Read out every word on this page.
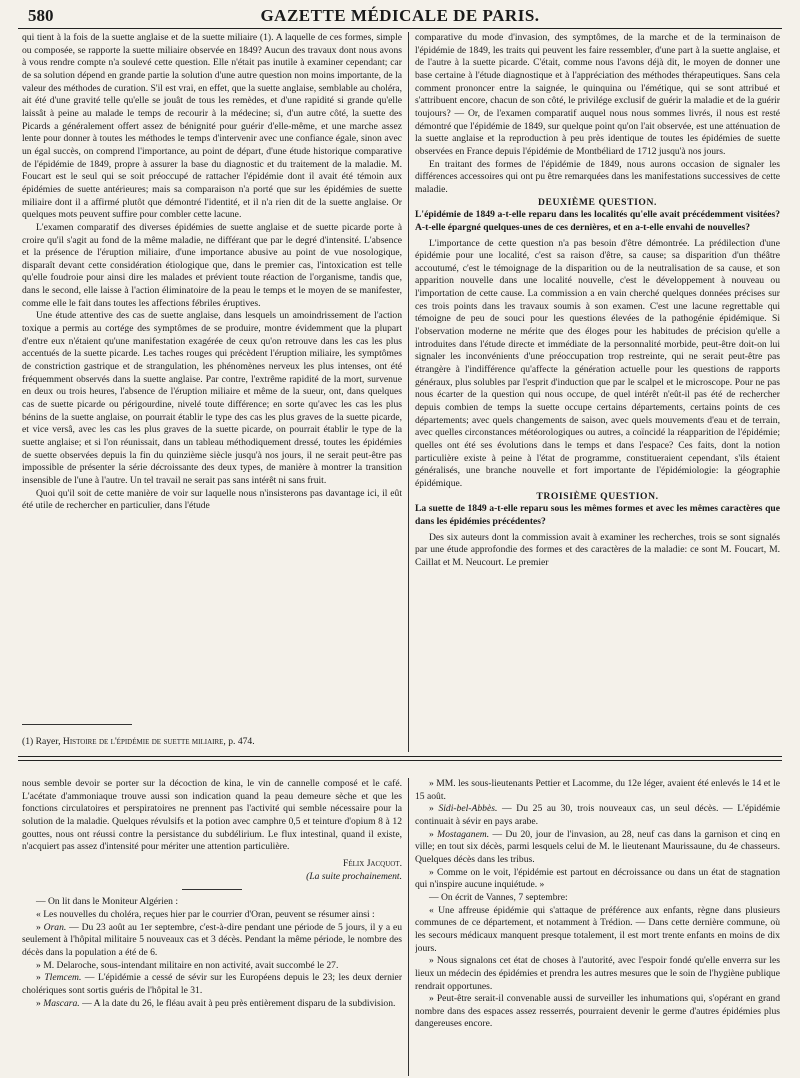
580	GAZETTE MÉDICALE DE PARIS.

qui tient à la fois de la suette anglaise et de la suette miliaire (1). A laquelle de ces formes, simple ou composée, se rapporte la suette miliaire observée en 1849? Aucun des travaux dont nous avons à vous rendre compte n'a soulevé cette question. Elle n'était pas inutile à examiner cependant; car de sa solution dépend en grande partie la solution d'une autre question non moins importante, de la valeur des méthodes de curation. S'il est vrai, en effet, que la suette anglaise, semblable au choléra, ait été d'une gravité telle qu'elle se jouât de tous les remèdes, et d'une rapidité si grande qu'elle laissât à peine au malade le temps de recourir à la médecine; si, d'un autre côté, la suette des Picards a généralement offert assez de bénignité pour guérir d'elle-même, et une marche assez lente pour donner à toutes les méthodes le temps d'intervenir avec une confiance égale, sinon avec un égal succès, on comprend l'importance, au point de départ, d'une étude historique comparative de l'épidémie de 1849, propre à assurer la base du diagnostic et du traitement de la maladie. M. Foucart est le seul qui se soit préoccupé de rattacher l'épidémie dont il avait été témoin aux épidémies de suette antérieures; mais sa comparaison n'a porté que sur les épidémies de suette miliaire dont il a affirmé plutôt que démontré l'identité, et il n'a rien dit de la suette anglaise. Or quelques mots peuvent suffire pour combler cette lacune.

L'examen comparatif des diverses épidémies de suette anglaise et de suette picarde porte à croire qu'il s'agit au fond de la même maladie, ne différant que par le degré d'intensité. L'absence et la présence de l'éruption miliaire, d'une importance abusive au point de vue nosologique, disparaît devant cette considération étiologique que, dans le premier cas, l'intoxication est telle qu'elle foudroie pour ainsi dire les malades et prévient toute réaction de l'organisme, tandis que, dans le second, elle laisse à l'action éliminatoire de la peau le temps et le moyen de se manifester, comme elle le fait dans toutes les affections fébriles éruptives.

Une étude attentive des cas de suette anglaise, dans lesquels un amoindrissement de l'action toxique a permis au cortége des symptômes de se produire, montre évidemment que la plupart d'entre eux n'étaient qu'une manifestation exagérée de ceux qu'on retrouve dans les cas les plus accentués de la suette picarde. Les taches rouges qui précèdent l'éruption miliaire, les symptômes de constriction gastrique et de strangulation, les phénomènes nerveux les plus intenses, ont été fréquemment observés dans la suette anglaise. Par contre, l'extrême rapidité de la mort, survenue en deux ou trois heures, l'absence de l'éruption miliaire et même de la sueur, ont, dans quelques cas de suette picarde ou périgourdine, nivelé toute différence; en sorte qu'avec les cas les plus bénins de la suette anglaise, on pourrait établir le type des cas les plus graves de la suette picarde, et vice versâ, avec les cas les plus graves de la suette picarde, on pourrait établir le type de la suette anglaise; et si l'on réunissait, dans un tableau méthodiquement dressé, toutes les épidémies de suette observées depuis la fin du quinzième siècle jusqu'à nos jours, il ne serait peut-être pas impossible de présenter la série décroissante des deux types, de manière à montrer la transition insensible de l'une à l'autre. Un tel travail ne serait pas sans intérêt ni sans fruit.

Quoi qu'il soit de cette manière de voir sur laquelle nous n'insisterons pas davantage ici, il eût été utile de rechercher en particulier, dans l'étude

(1) Rayer, Histoire de l'épidémie de suette miliaire, p. 474.

comparative du mode d'invasion, des symptômes, de la marche et de la terminaison de l'épidémie de 1849, les traits qui peuvent les faire ressembler, d'une part à la suette anglaise, et de l'autre à la suette picarde. C'était, comme nous l'avons déjà dit, le moyen de donner une base certaine à l'étude diagnostique et à l'appréciation des méthodes thérapeutiques. Sans cela comment prononcer entre la saignée, le quinquina ou l'émétique, qui se sont attribué et s'attribuent encore, chacun de son côté, le privilége exclusif de guérir la maladie et de la guérir toujours? — Or, de l'examen comparatif auquel nous nous sommes livrés, il nous est resté démontré que l'épidémie de 1849, sur quelque point qu'on l'ait observée, est une atténuation de la suette anglaise et la reproduction à peu près identique de toutes les épidémies de suette observées en France depuis l'épidémie de Montbéliard de 1712 jusqu'à nos jours.

En traitant des formes de l'épidémie de 1849, nous aurons occasion de signaler les différences accessoires qui ont pu être remarquées dans les manifestations successives de cette maladie.

DEUXIÈME QUESTION.

L'épidémie de 1849 a-t-elle reparu dans les localités qu'elle avait précédemment visitées? A-t-elle épargné quelques-unes de ces dernières, et en a-t-elle envahi de nouvelles?

L'importance de cette question n'a pas besoin d'être démontrée. La prédilection d'une épidémie pour une localité, c'est sa raison d'être, sa cause; sa disparition d'un théâtre accoutumé, c'est le témoignage de la disparition ou de la neutralisation de sa cause, et son apparition nouvelle dans une localité nouvelle, c'est le développement à nouveau ou l'importation de cette cause. La commission a en vain cherché quelques données précises sur ces trois points dans les travaux soumis à son examen. C'est une lacune regrettable qui témoigne de peu de souci pour les questions élevées de la pathogénie épidémique. Si l'observation moderne ne mérite que des éloges pour les habitudes de précision qu'elle a introduites dans l'étude directe et immédiate de la personnalité morbide, peut-être doit-on lui signaler les inconvénients d'une préoccupation trop restreinte, qui ne serait peut-être pas étrangère à l'indifférence qu'affecte la génération actuelle pour les questions de rapports généraux, plus solubles par l'esprit d'induction que par le scalpel et le microscope. Pour ne pas nous écarter de la question qui nous occupe, de quel intérêt n'eût-il pas été de rechercher depuis combien de temps la suette occupe certains départements, certains points de ces départements; avec quels changements de saison, avec quels mouvements d'eau et de terrain, avec quelles circonstances météorologiques ou autres, a coïncidé la réapparition de l'épidémie; quelles ont été ses évolutions dans le temps et dans l'espace? Ces faits, dont la notion particulière existe à peine à l'état de programme, constitueraient cependant, s'ils étaient généralisés, une branche nouvelle et fort importante de l'épidémiologie: la géographie épidémique.

TROISIÈME QUESTION.

La suette de 1849 a-t-elle reparu sous les mêmes formes et avec les mêmes caractères que dans les épidémies précédentes?

Des six auteurs dont la commission avait à examiner les recherches, trois se sont signalés par une étude approfondie des formes et des caractères de la maladie: ce sont M. Foucart, M. Caillat et M. Neucourt. Le premier

nous semble devoir se porter sur la décoction de kina, le vin de cannelle composé et le café. L'acétate d'ammoniaque trouve aussi son indication quand la peau demeure sèche et que les fonctions circulatoires et perspiratoires ne prennent pas l'activité qui semble nécessaire pour la solution de la maladie. Quelques révulsifs et la potion avec camphre 0,5 et teinture d'opium 8 à 12 gouttes, nous ont réussi contre la persistance du subdélirium. Le flux intestinal, quand il existe, n'acquiert pas assez d'intensité pour mériter une attention particulière.

Félix Jacquot.

(La suite prochainement.

— On lit dans le Moniteur Algérien :

« Les nouvelles du choléra, reçues hier par le courrier d'Oran, peuvent se résumer ainsi :

» Oran. — Du 23 août au 1er septembre, c'est-à-dire pendant une période de 5 jours, il y a eu seulement à l'hôpital militaire 5 nouveaux cas et 3 décès. Pendant la même période, le nombre des décès dans la population a été de 6.

» M. Delaroche, sous-intendant militaire en non activité, avait succombé le 27.

» Tlemcem. — L'épidémie a cessé de sévir sur les Européens depuis le 23; les deux dernier cholériques sont sortis guéris de l'hôpital le 31.

» Mascara. — A la date du 26, le fléau avait à peu près entièrement disparu de la subdivision.

» MM. les sous-lieutenants Pettier et Lacomme, du 12e léger, avaient été enlevés le 14 et le 15 août.

» Sidi-bel-Abbès. — Du 25 au 30, trois nouveaux cas, un seul décès. — L'épidémie continuait à sévir en pays arabe.

» Mostaganem. — Du 20, jour de l'invasion, au 28, neuf cas dans la garnison et cinq en ville; en tout six décès, parmi lesquels celui de M. le lieutenant Maurissaune, du 4e chasseurs. Quelques décès dans les tribus.

» Comme on le voit, l'épidémie est partout en décroissance ou dans un état de stagnation qui n'inspire aucune inquiétude. »

— On écrit de Vannes, 7 septembre:

« Une affreuse épidémie qui s'attaque de préférence aux enfants, règne dans plusieurs communes de ce département, et notamment à Trédion. — Dans cette dernière commune, où les secours médicaux manquent presque totalement, il est mort trente enfants en moins de dix jours.

» Nous signalons cet état de choses à l'autorité, avec l'espoir fondé qu'elle enverra sur les lieux un médecin des épidémies et prendra les autres mesures que le soin de l'hygiène publique rendrait opportunes.

» Peut-être serait-il convenable aussi de surveiller les inhumations qui, s'opérant en grand nombre dans des espaces assez resserrés, pourraient devenir le germe d'autres épidémies plus dangereuses encore.
